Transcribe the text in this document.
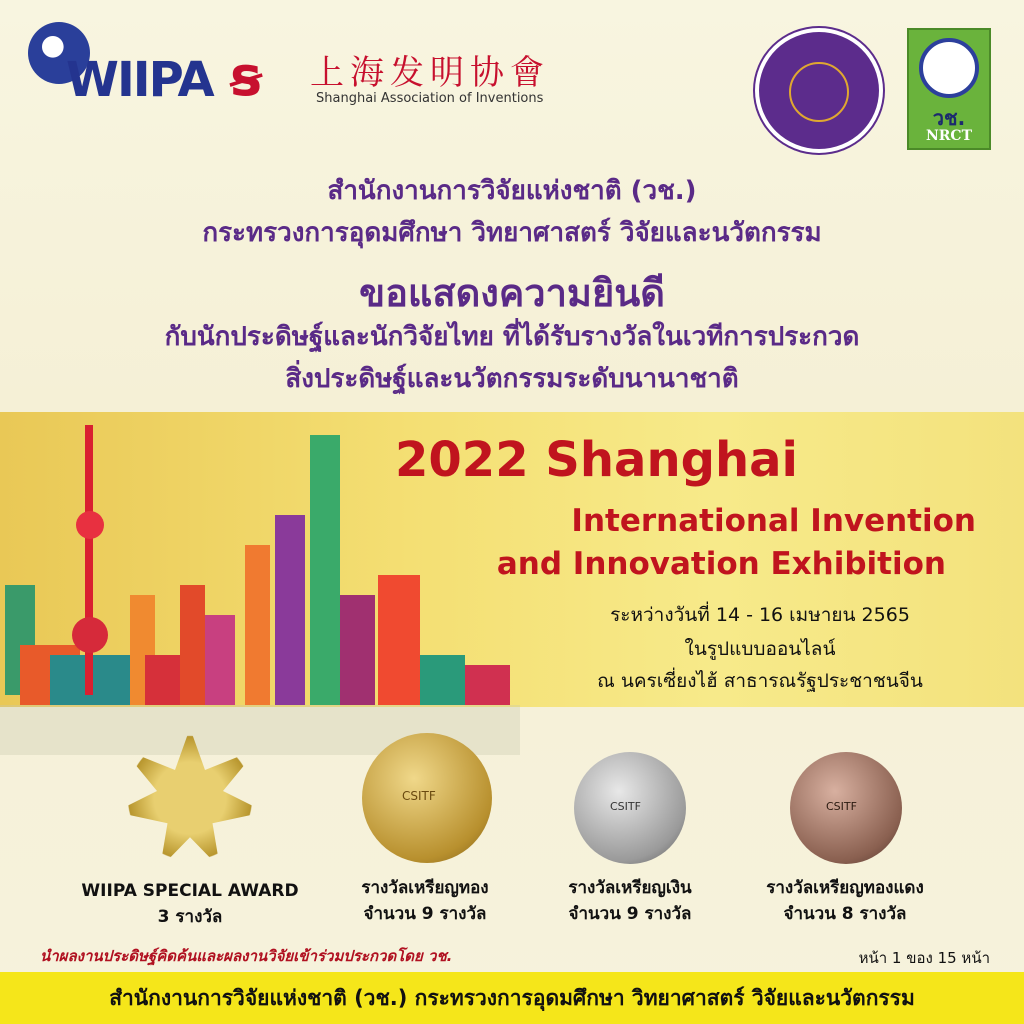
WIIPA ꞩ	上海发明协會
Shanghai Association of Inventions
วช.
NRCT
สำนักงานการวิจัยแห่งชาติ (วช.)
กระทรวงการอุดมศึกษา วิทยาศาสตร์ วิจัยและนวัตกรรม
ขอแสดงความยินดี
กับนักประดิษฐ์และนักวิจัยไทย ที่ได้รับรางวัลในเวทีการประกวด
สิ่งประดิษฐ์และนวัตกรรมระดับนานาชาติ
2022 Shanghai
International Invention
and Innovation Exhibition
ระหว่างวันที่ 14 - 16 เมษายน 2565
ในรูปแบบออนไลน์
ณ นครเซี่ยงไฮ้ สาธารณรัฐประชาชนจีน
CSITF
CSITF	CSITF
WIIPA SPECIAL AWARD
3 รางวัล
รางวัลเหรียญทอง
จำนวน 9 รางวัล
รางวัลเหรียญเงิน
จำนวน 9 รางวัล
รางวัลเหรียญทองแดง
จำนวน 8 รางวัล
นำผลงานประดิษฐ์คิดค้นและผลงานวิจัยเข้าร่วมประกวดโดย วช.	หน้า 1 ของ 15 หน้า
สำนักงานการวิจัยแห่งชาติ (วช.) กระทรวงการอุดมศึกษา วิทยาศาสตร์ วิจัยและนวัตกรรม
